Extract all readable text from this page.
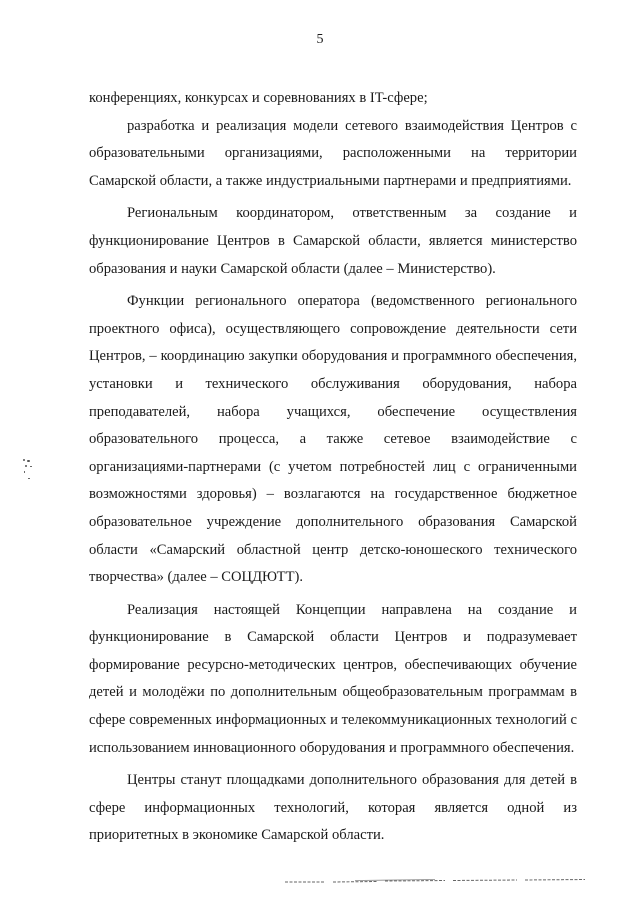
5

конференциях, конкурсах и соревнованиях в IT-сфере;

разработка и реализация модели сетевого взаимодействия Центров с образовательными организациями, расположенными на территории Самарской области, а также индустриальными партнерами и предприятиями.

Региональным координатором, ответственным за создание и функционирование Центров в Самарской области, является министерство образования и науки Самарской области (далее – Министерство).

Функции регионального оператора (ведомственного регионального проектного офиса), осуществляющего сопровождение деятельности сети Центров, – координацию закупки оборудования и программного обеспечения, установки и технического обслуживания оборудования, набора преподавателей, набора учащихся, обеспечение осуществления образовательного процесса, а также сетевое взаимодействие с организациями-партнерами (с учетом потребностей лиц с ограниченными возможностями здоровья) – возлагаются на государственное бюджетное образовательное учреждение дополнительного образования Самарской области «Самарский областной центр детско-юношеского технического творчества» (далее – СОЦДЮТТ).

Реализация настоящей Концепции направлена на создание и функционирование в Самарской области Центров и подразумевает формирование ресурсно-методических центров, обеспечивающих обучение детей и молодёжи по дополнительным общеобразовательным программам в сфере современных информационных и телекоммуникационных технологий с использованием инновационного оборудования и программного обеспечения.

Центры станут площадками дополнительного образования для детей в сфере информационных технологий, которая является одной из приоритетных в экономике Самарской области.
